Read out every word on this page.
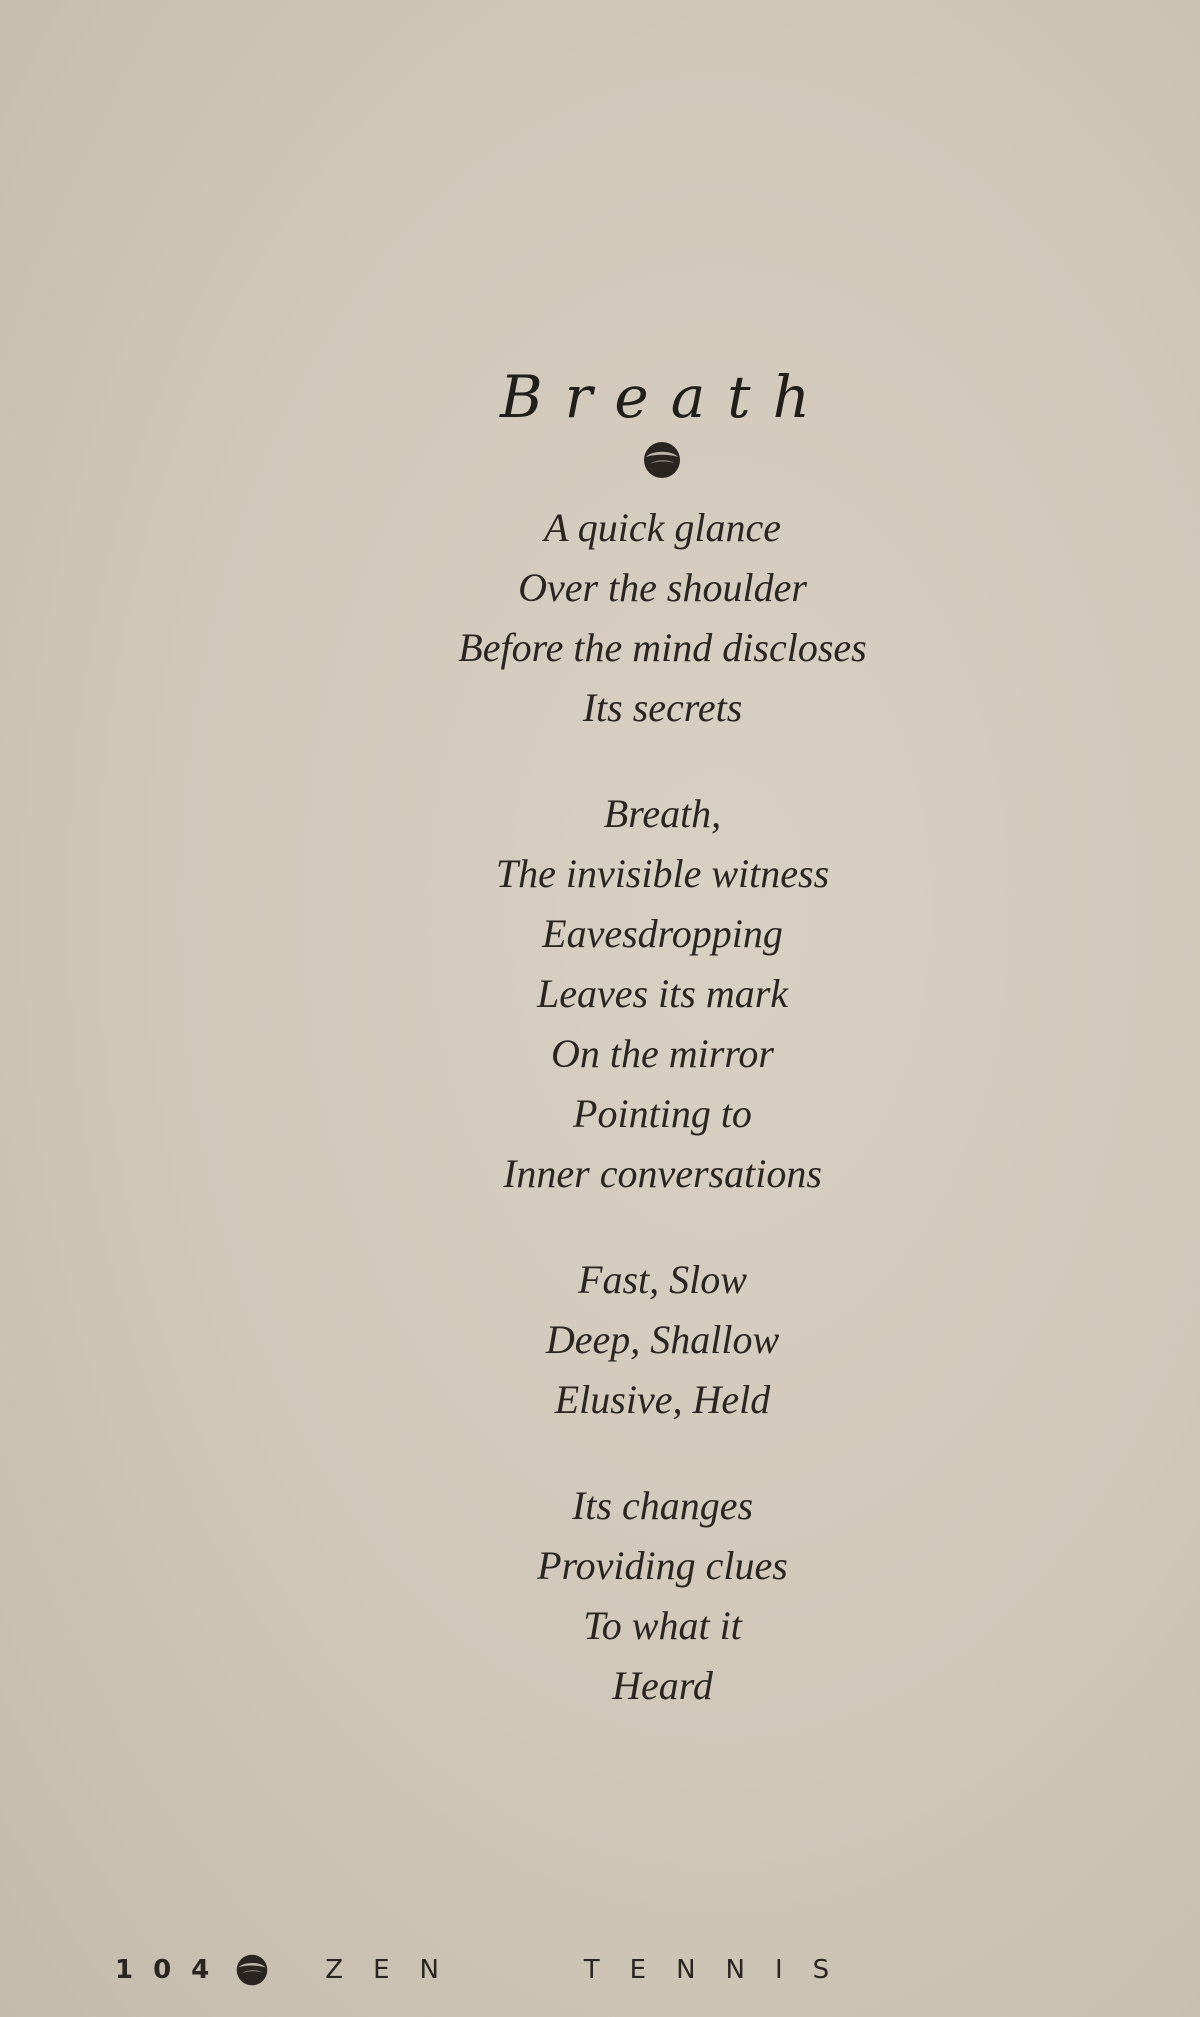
Breath
A quick glance
Over the shoulder
Before the mind discloses
Its secrets
Breath,
The invisible witness
Eavesdropping
Leaves its mark
On the mirror
Pointing to
Inner conversations
Fast, Slow
Deep, Shallow
Elusive, Held
Its changes
Providing clues
To what it
Heard
104	ZEN   TENNIS
